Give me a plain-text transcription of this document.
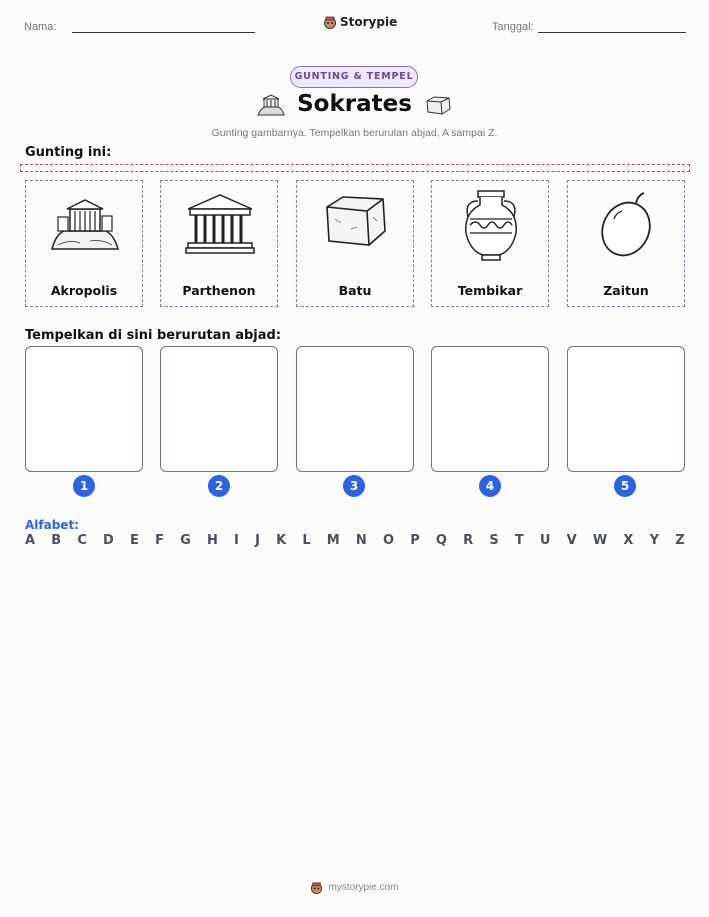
Nama:	Storypie	Tanggal:
GUNTING & TEMPEL
Sokrates
Gunting gambarnya. Tempelkan berurutan abjad, A sampai Z.
Gunting ini:
Akropolis	Parthenon	Batu	Tembikar	Zaitun
Tempelkan di sini berurutan abjad:
1	2	3	4	5
Alfabet:
A B C D E F G H I J K L M N O P Q R S T U V W X Y Z
mystorypie.com
